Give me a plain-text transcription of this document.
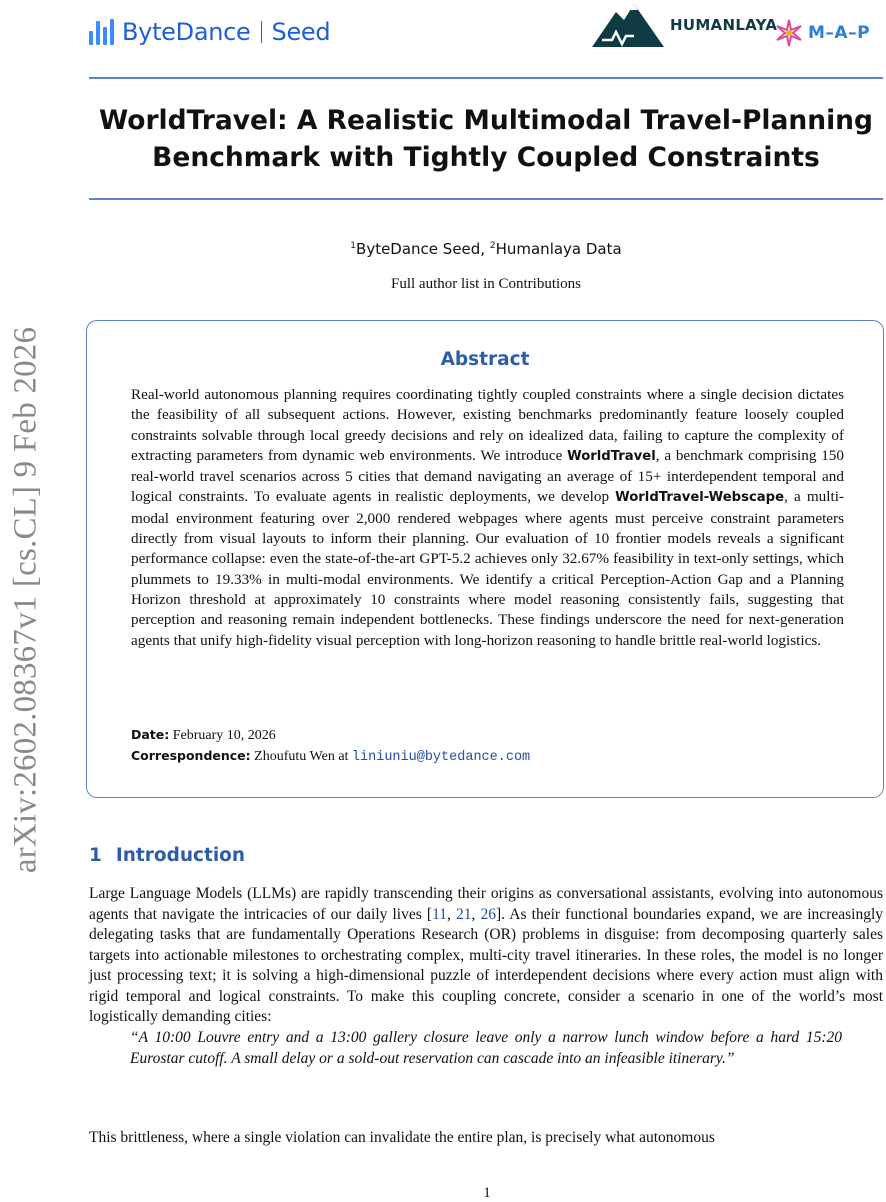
arXiv:2602.08367v1 [cs.CL] 9 Feb 2026
ByteDance Seed	HUMANLAYA M–A–P
WorldTravel: A Realistic Multimodal Travel-Planning Benchmark with Tightly Coupled Constraints
$^1$ByteDance Seed, $^2$Humanlaya Data
Full author list in Contributions
Abstract
Real-world autonomous planning requires coordinating tightly coupled constraints where a single decision dictates the feasibility of all subsequent actions. However, existing benchmarks predominantly feature loosely coupled constraints solvable through local greedy decisions and rely on idealized data, failing to capture the complexity of extracting parameters from dynamic web environments. We introduce WorldTravel, a benchmark comprising 150 real-world travel scenarios across 5 cities that demand navigating an average of 15+ interdependent temporal and logical constraints. To evaluate agents in realistic deployments, we develop WorldTravel-Webscape, a multi-modal environment featuring over 2,000 rendered webpages where agents must perceive constraint parameters directly from visual layouts to inform their planning. Our evaluation of 10 frontier models reveals a significant performance collapse: even the state-of-the-art GPT-5.2 achieves only 32.67% feasibility in text-only settings, which plummets to 19.33% in multi-modal environments. We identify a critical Perception-Action Gap and a Planning Horizon threshold at approximately 10 constraints where model reasoning consistently fails, suggesting that perception and reasoning remain independent bottlenecks. These findings underscore the need for next-generation agents that unify high-fidelity visual perception with long-horizon reasoning to handle brittle real-world logistics.
Date: February 10, 2026
Correspondence: Zhoufutu Wen at liniuniu@bytedance.com
1 Introduction

Large Language Models (LLMs) are rapidly transcending their origins as conversational assistants, evolving into autonomous agents that navigate the intricacies of our daily lives [11, 21, 26]. As their functional boundaries expand, we are increasingly delegating tasks that are fundamentally Operations Research (OR) problems in disguise: from decomposing quarterly sales targets into actionable milestones to orchestrating complex, multi-city travel itineraries. In these roles, the model is no longer just processing text; it is solving a high-dimensional puzzle of interdependent decisions where every action must align with rigid temporal and logical constraints. To make this coupling concrete, consider a scenario in one of the world’s most logistically demanding cities:

“A 10:00 Louvre entry and a 13:00 gallery closure leave only a narrow lunch window before a hard 15:20 Eurostar cutoff. A small delay or a sold-out reservation can cascade into an infeasible itinerary.”
This brittleness, where a single violation can invalidate the entire plan, is precisely what autonomous
1
